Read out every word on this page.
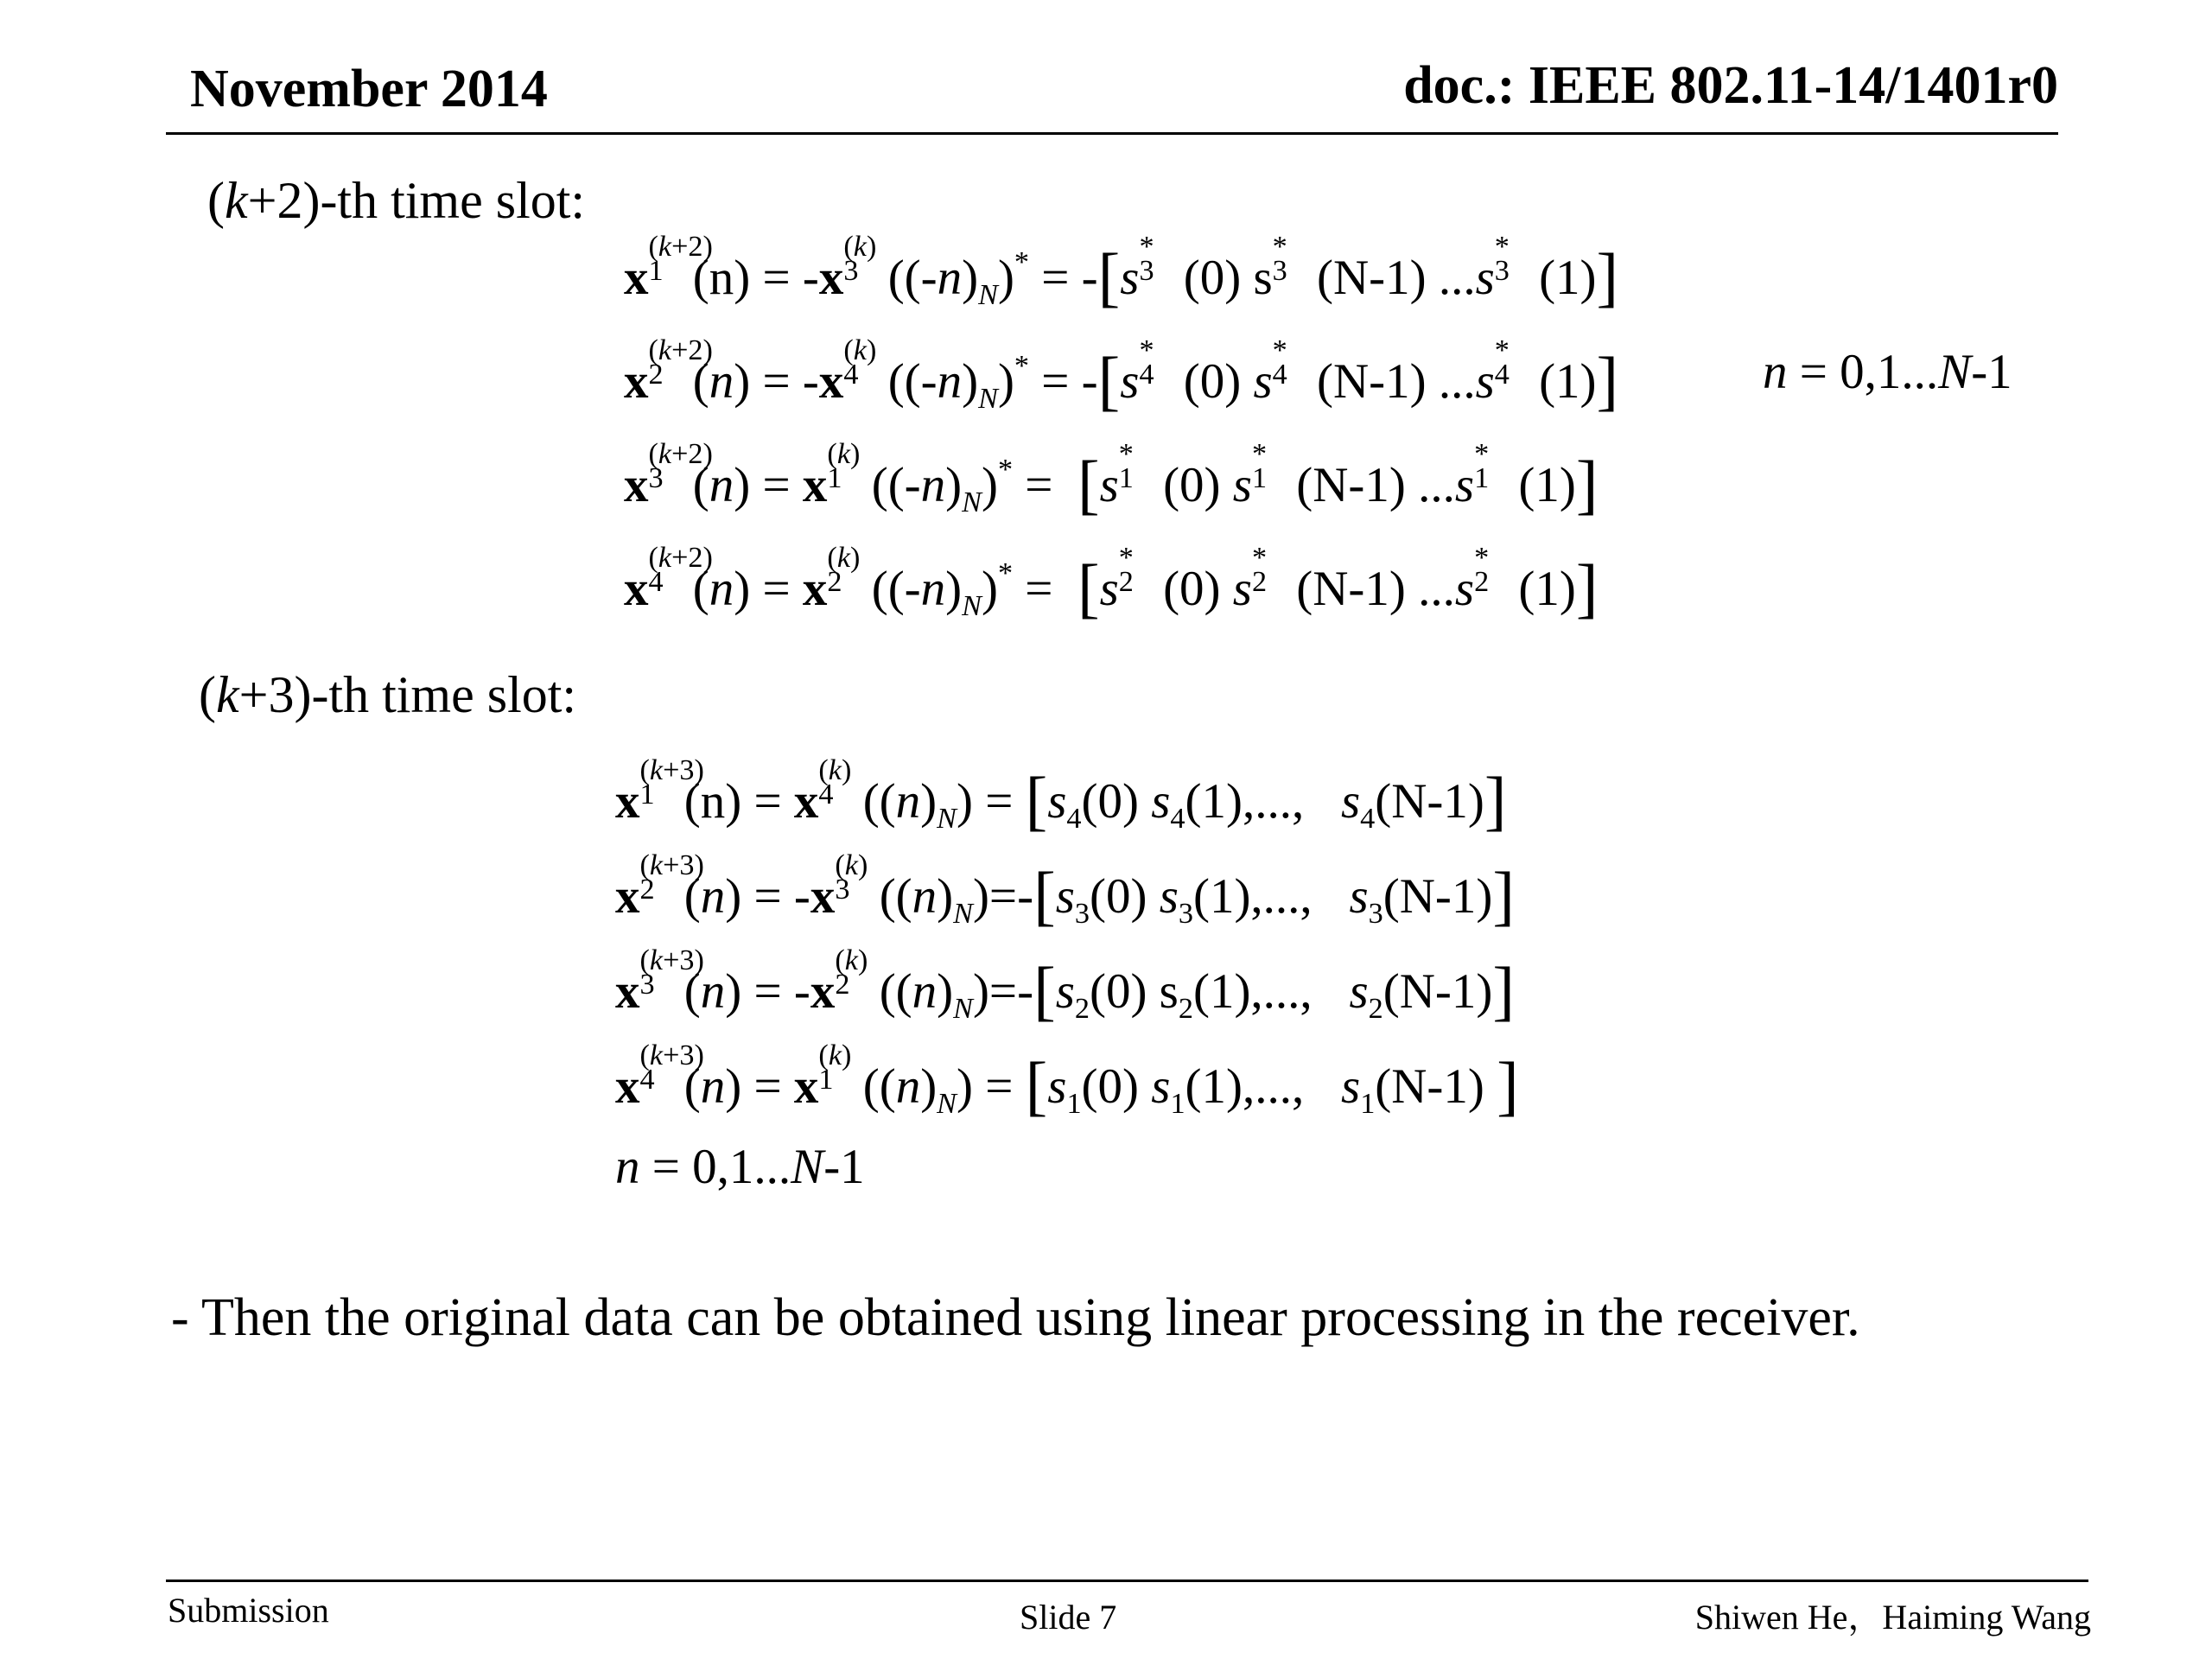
November 2014	doc.: IEEE 802.11-14/1401r0
(k+2)-th time slot:
x
(k+2)
1 (n) = -x
(k)
3 $((-n)_N)^* = -[s$
*
3 (0) s
*
3 (N-1) ...s
*
3 (1)]
x
(k+2)
2 (n) = -x
(k)
4 $((-n)_N)^* = -[s$
*
4 (0) s
*
4 (N-1) ...s
*
4 (1)]	n = 0,1...N-1
x
(k+2)
3 (n) = x
(k)
1 $((-n)_N)^* = [s$
*
1 (0) s
*
1 (N-1) ...s
*
1 (1)]
x
(k+2)
4 (n) = x
(k)
2 $((-n)_N)^* = [s$
*
2 (0) s
*
2 (N-1) ...s
*
2 (1)]
(k+3)-th time slot:
x
(k+3)
1 (n) = x
(k)
4 $((n)_N) = [s_4(0)$ $s_4(1)$,...,   $s_4(N-1)$]
x
(k+3)
2 (n) = -x
(k)
3 $((n)_N)=-[s_3(0)$ $s_3(1)$,...,   $s_3(N-1)$]
x
(k+3)
3 (n) = -x
(k)
2 $((n)_N)=-[s_2(0)$ $s_2(1)$,...,   $s_2(N-1)$]
x
(k+3)
4 (n) = x
(k)
1 $((n)_N) = [s_1(0)$ $s_1(1)$,...,   $s_1(N-1)$ ]
n = 0,1...N-1
- Then the original data can be obtained using linear processing in the receiver.
Submission	Slide 7	Shiwen He，Haiming Wang
